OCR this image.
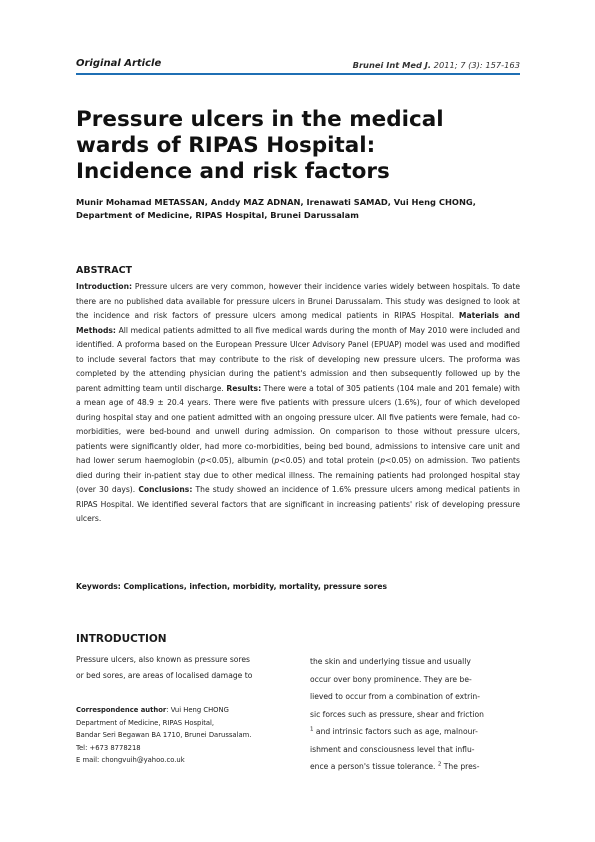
Original Article	Brunei Int Med J. 2011; 7 (3): 157-163
Pressure ulcers in the medical
wards of RIPAS Hospital:
Incidence and risk factors
Munir Mohamad METASSAN, Anddy MAZ ADNAN, Irenawati SAMAD, Vui Heng CHONG,
Department of Medicine, RIPAS Hospital, Brunei Darussalam
ABSTRACT
Introduction: Pressure ulcers are very common, however their incidence varies widely between hospitals. To date there are no published data available for pressure ulcers in Brunei Darussalam. This study was designed to look at the incidence and risk factors of pressure ulcers among medical patients in RIPAS Hospital. Materials and Methods: All medical patients admitted to all five medical wards during the month of May 2010 were included and identified. A proforma based on the European Pressure Ulcer Advisory Panel (EPUAP) model was used and modified to include several factors that may contribute to the risk of developing new pressure ulcers. The proforma was completed by the attending physician during the patient's admission and then subsequently followed up by the parent admitting team until discharge. Results: There were a total of 305 patients (104 male and 201 female) with a mean age of 48.9 ± 20.4 years. There were five patients with pressure ulcers (1.6%), four of which developed during hospital stay and one patient admitted with an ongoing pressure ulcer. All five patients were female, had co-morbidities, were bed-bound and unwell during admission. On comparison to those without pressure ulcers, patients were significantly older, had more co-morbidities, being bed bound, admissions to intensive care unit and had lower serum haemoglobin (p<0.05), albumin (p<0.05) and total protein (p<0.05) on admission. Two patients died during their in-patient stay due to other medical illness. The remaining patients had prolonged hospital stay (over 30 days). Conclusions: The study showed an incidence of 1.6% pressure ulcers among medical patients in RIPAS Hospital. We identified several factors that are significant in increasing patients' risk of developing pressure ulcers.
Keywords: Complications, infection, morbidity, mortality, pressure sores
INTRODUCTION
Pressure ulcers, also known as pressure sores
or bed sores, are areas of localised damage to
Correspondence author: Vui Heng CHONG
Department of Medicine, RIPAS Hospital,
Bandar Seri Begawan BA 1710, Brunei Darussalam.
Tel: +673 8778218
E mail: chongvuih@yahoo.co.uk
the skin and underlying tissue and usually
occur over bony prominence. They are be-
lieved to occur from a combination of extrin-
sic forces such as pressure, shear and friction
$^1$ and intrinsic factors such as age, malnour-
ishment and consciousness level that influ-
ence a person's tissue tolerance. $^2$ The pres-
